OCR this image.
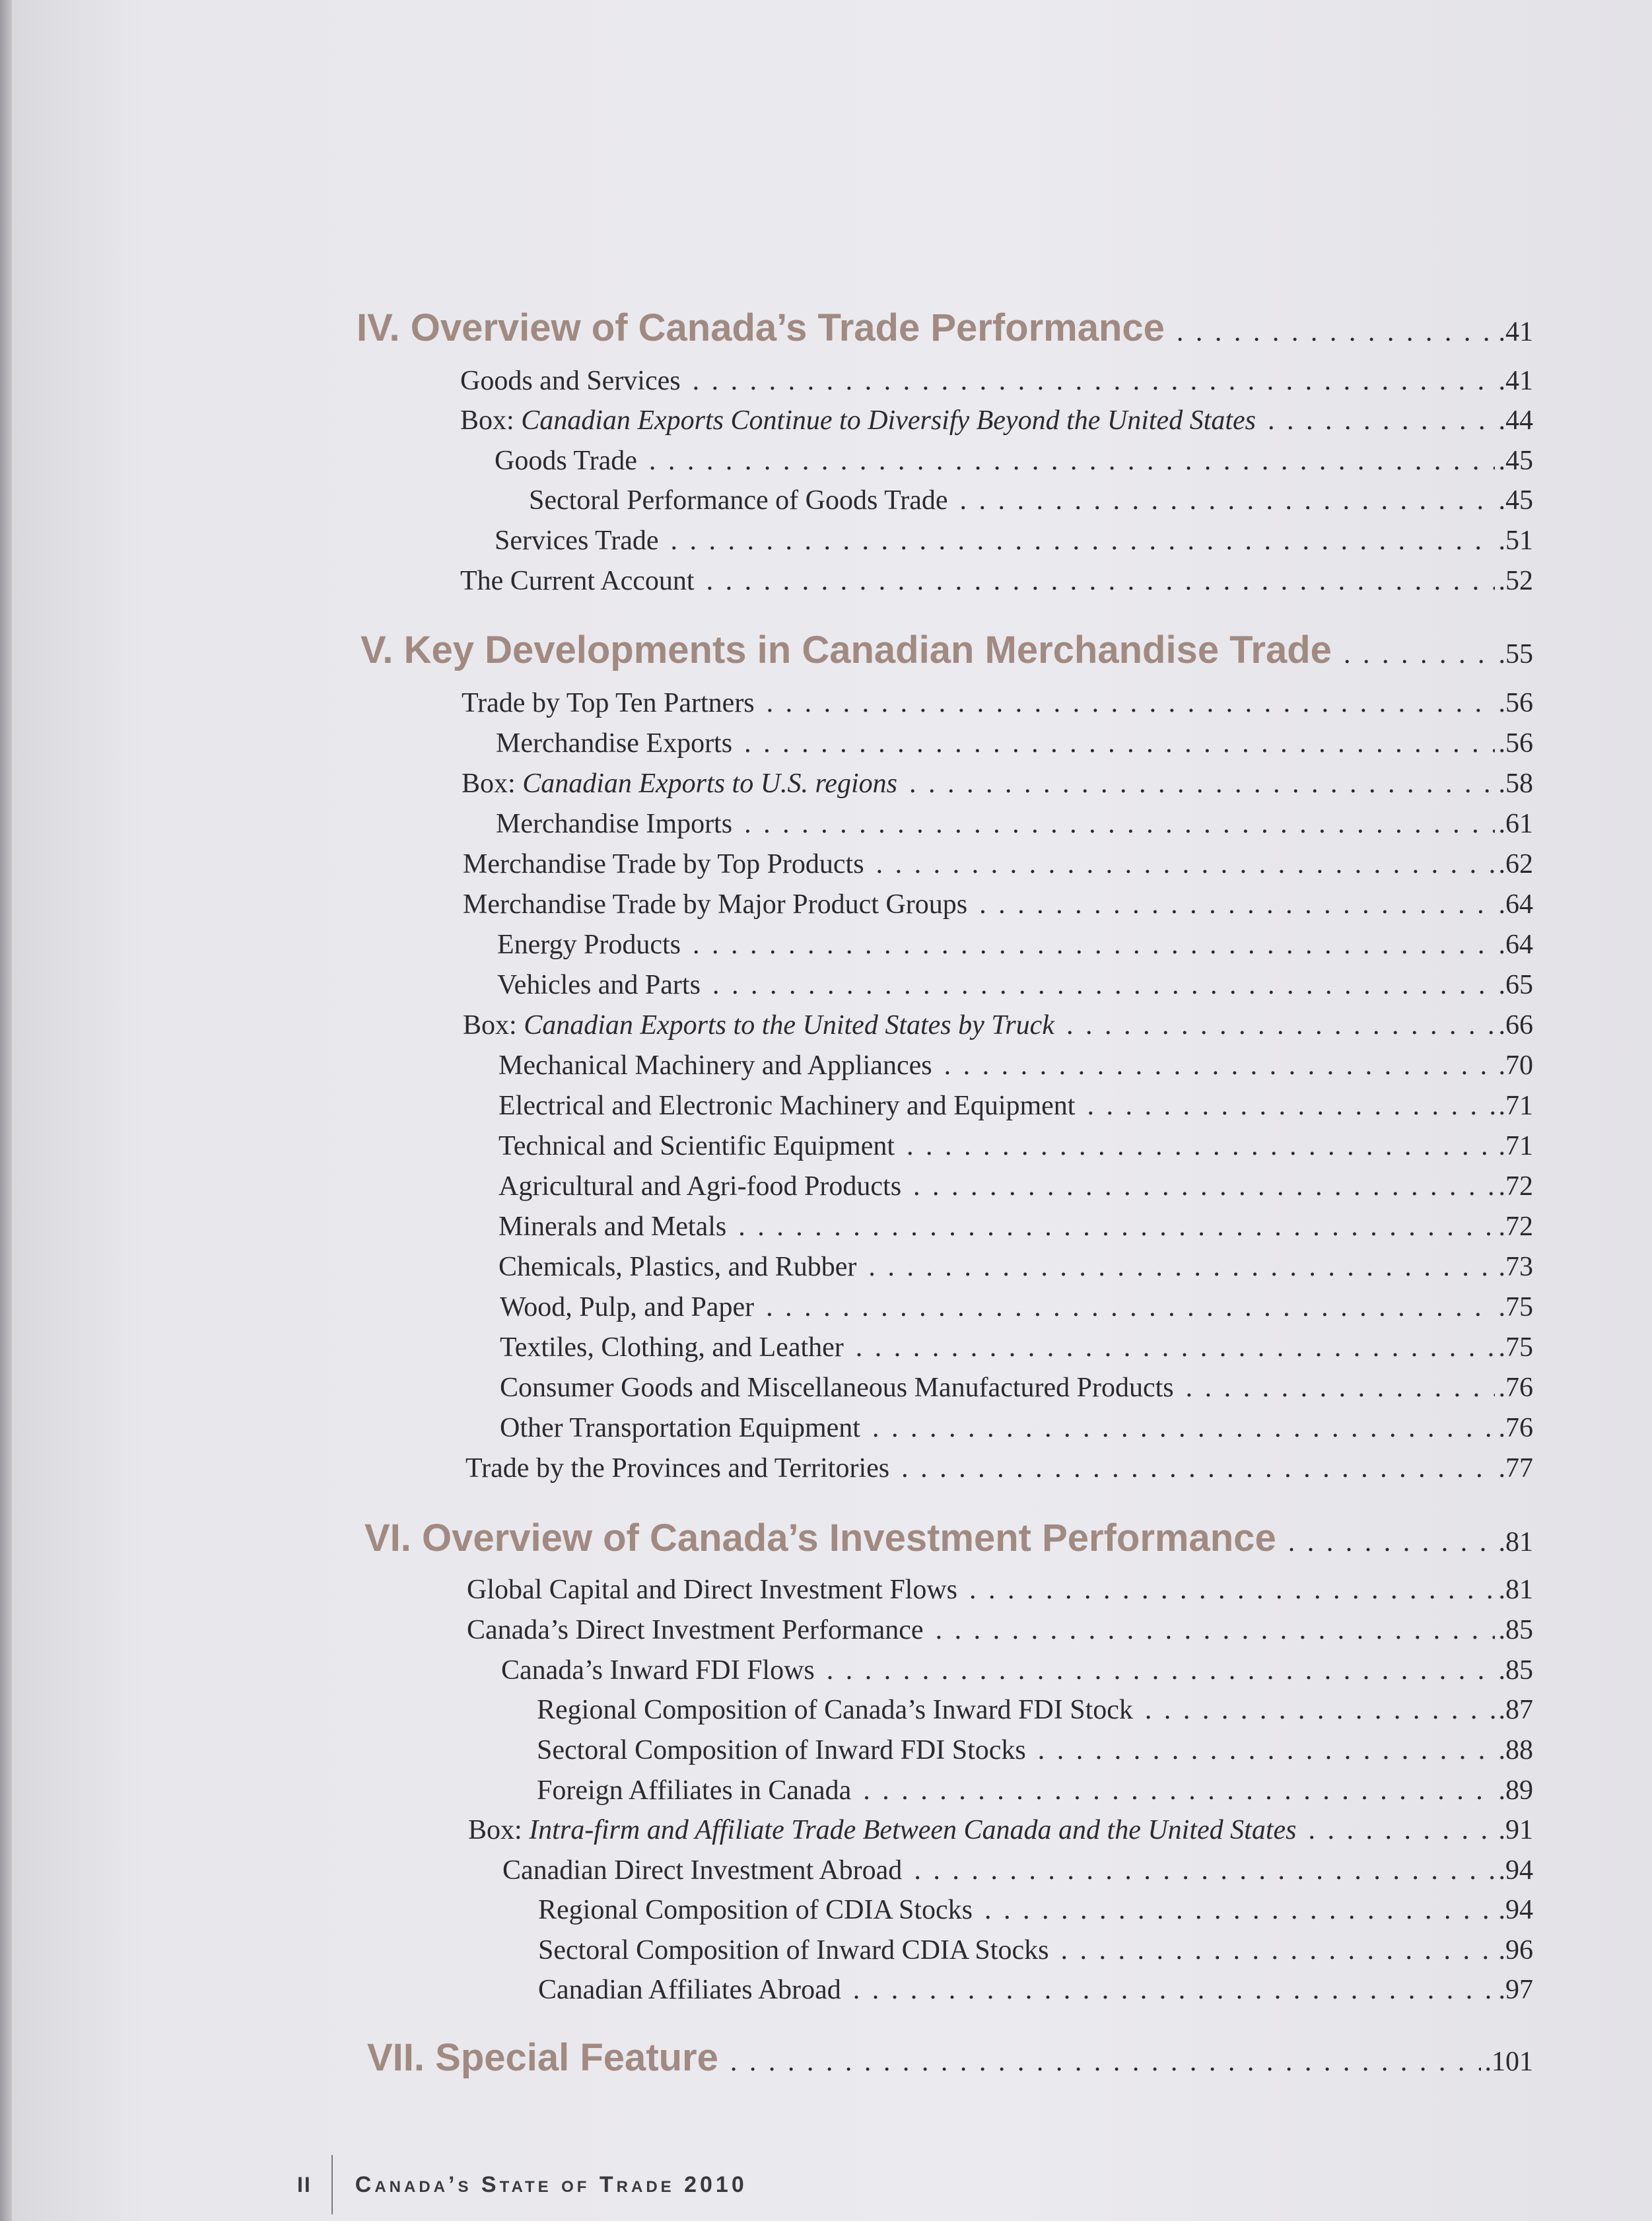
IV. Overview of Canada’s Trade Performance . . .	.41
Goods and Services . . .	.41
Box: Canadian Exports Continue to Diversify Beyond the United States . . .	.44
Goods Trade . . .	.45
Sectoral Performance of Goods Trade . . .	.45
Services Trade . . .	.51
The Current Account . . .	.52
V. Key Developments in Canadian Merchandise Trade . . .	.55
Trade by Top Ten Partners . . .	.56
Merchandise Exports . . .	.56
Box: Canadian Exports to U.S. regions . . .	.58
Merchandise Imports . . .	.61
Merchandise Trade by Top Products . . .	.62
Merchandise Trade by Major Product Groups . . .	.64
Energy Products . . .	.64
Vehicles and Parts . . .	.65
Box: Canadian Exports to the United States by Truck . . .	.66
Mechanical Machinery and Appliances . . .	.70
Electrical and Electronic Machinery and Equipment . . .	.71
Technical and Scientific Equipment . . .	.71
Agricultural and Agri-food Products . . .	.72
Minerals and Metals . . .	.72
Chemicals, Plastics, and Rubber . . .	.73
Wood, Pulp, and Paper . . .	.75
Textiles, Clothing, and Leather . . .	.75
Consumer Goods and Miscellaneous Manufactured Products . . .	.76
Other Transportation Equipment . . .	.76
Trade by the Provinces and Territories . . .	.77
VI. Overview of Canada’s Investment Performance . . .	.81
Global Capital and Direct Investment Flows . . .	.81
Canada’s Direct Investment Performance . . .	.85
Canada’s Inward FDI Flows . . .	.85
Regional Composition of Canada’s Inward FDI Stock . . .	.87
Sectoral Composition of Inward FDI Stocks . . .	.88
Foreign Affiliates in Canada . . .	.89
Box: Intra-firm and Affiliate Trade Between Canada and the United States . . .	.91
Canadian Direct Investment Abroad . . .	.94
Regional Composition of CDIA Stocks . . .	.94
Sectoral Composition of Inward CDIA Stocks . . .	.96
Canadian Affiliates Abroad . . .	.97
VII. Special Feature . . .	.101
II Canada’s State of Trade 2010
